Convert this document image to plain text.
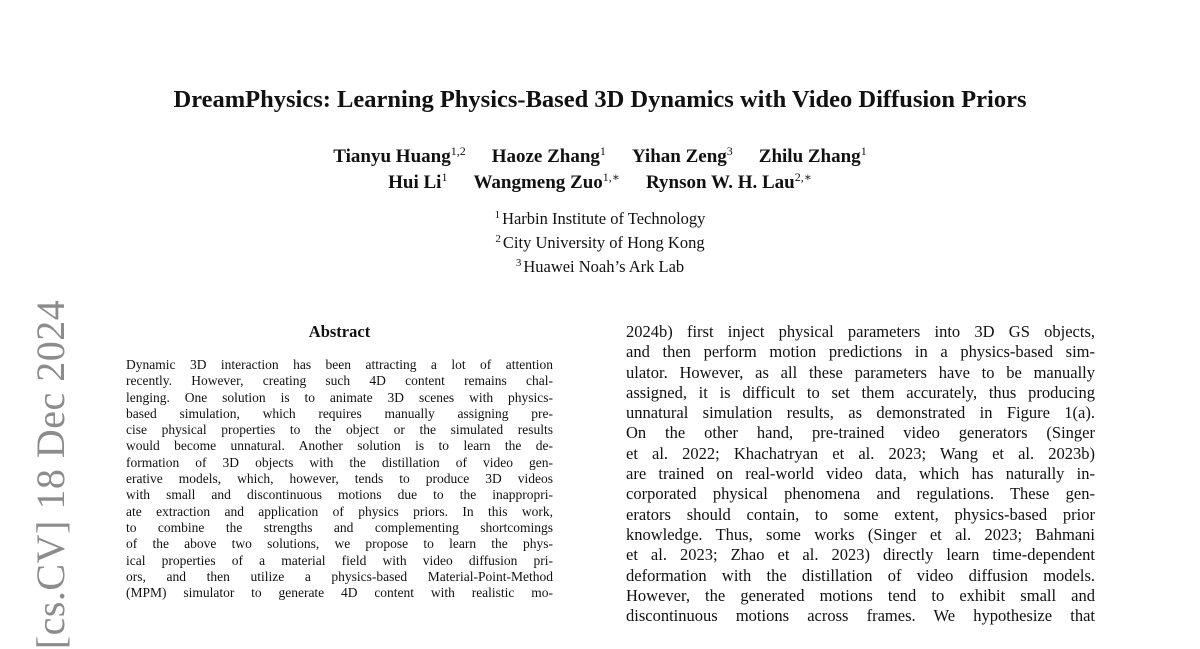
[cs.CV] 18 Dec 2024
DreamPhysics: Learning Physics-Based 3D Dynamics with Video Diffusion Priors
Tianyu Huang$^{1,2}$ Haoze Zhang$^1$ Yihan Zeng$^3$ Zhilu Zhang$^1$
Hui Li$^1$ Wangmeng Zuo$^{1,∗}$ Rynson W. H. Lau$^{2,∗}$
$^1$ Harbin Institute of Technology
$^2$ City University of Hong Kong
$^3$ Huawei Noah’s Ark Lab
Abstract

Dynamic 3D interaction has been attracting a lot of attention
recently. However, creating such 4D content remains chal-
lenging. One solution is to animate 3D scenes with physics-
based simulation, which requires manually assigning pre-
cise physical properties to the object or the simulated results
would become unnatural. Another solution is to learn the de-
formation of 3D objects with the distillation of video gen-
erative models, which, however, tends to produce 3D videos
with small and discontinuous motions due to the inappropri-
ate extraction and application of physics priors. In this work,
to combine the strengths and complementing shortcomings
of the above two solutions, we propose to learn the phys-
ical properties of a material field with video diffusion pri-
ors, and then utilize a physics-based Material-Point-Method
(MPM) simulator to generate 4D content with realistic mo-

2024b) first inject physical parameters into 3D GS objects,
and then perform motion predictions in a physics-based sim-
ulator. However, as all these parameters have to be manually
assigned, it is difficult to set them accurately, thus producing
unnatural simulation results, as demonstrated in Figure 1(a).
On the other hand, pre-trained video generators (Singer
et al. 2022; Khachatryan et al. 2023; Wang et al. 2023b)
are trained on real-world video data, which has naturally in-
corporated physical phenomena and regulations. These gen-
erators should contain, to some extent, physics-based prior
knowledge. Thus, some works (Singer et al. 2023; Bahmani
et al. 2023; Zhao et al. 2023) directly learn time-dependent
deformation with the distillation of video diffusion models.
However, the generated motions tend to exhibit small and
discontinuous motions across frames. We hypothesize that
